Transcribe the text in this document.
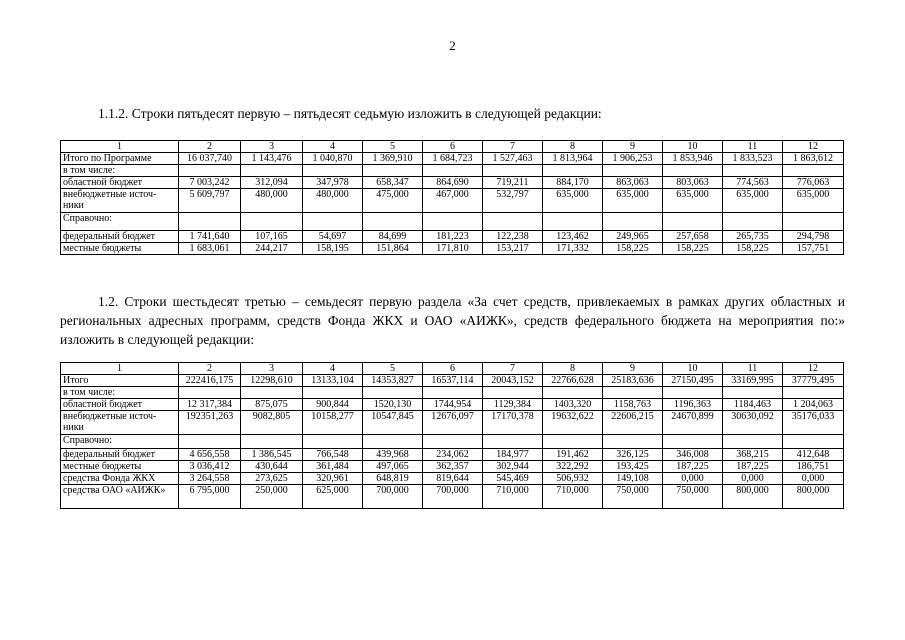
2
1.1.2. Строки пятьдесят первую – пятьдесят седьмую изложить в следующей редакции:
1	2	3	4	5	6	7	8	9	10	11	12
Итого по Программе	16 037,740	1 143,476	1 040,870	1 369,910	1 684,723	1 527,463	1 813,964	1 906,253	1 853,946	1 833,523	1 863,612
в том числе:											
областной бюджет	7 003,242	312,094	347,978	658,347	864,690	719,211	884,170	863,063	803,063	774,563	776,063
внебюджетные источ-ники	5 609,797	480,000	480,000	475,000	467,000	532,797	635,000	635,000	635,000	635,000	635,000
Справочно:											
федеральный бюджет	1 741,640	107,165	54,697	84,699	181,223	122,238	123,462	249,965	257,658	265,735	294,798
местные бюджеты	1 683,061	244,217	158,195	151,864	171,810	153,217	171,332	158,225	158,225	158,225	157,751
1.2. Строки шестьдесят третью – семьдесят первую раздела «За счет средств, привлекаемых в рамках других областных и региональных адресных программ, средств Фонда ЖКХ и ОАО «АИЖК», средств федерального бюджета на мероприятия по:» изложить в следующей редакции:
1	2	3	4	5	6	7	8	9	10	11	12
Итого	222416,175	12298,610	13133,104	14353,827	16537,114	20043,152	22766,628	25183,636	27150,495	33169,995	37779,495
в том числе:											
областной бюджет	12 317,384	875,075	900,844	1520,130	1744,954	1129,384	1403,320	1158,763	1196,363	1184,463	1 204,063
внебюджетные источ-ники	192351,263	9082,805	10158,277	10547,845	12676,097	17170,378	19632,622	22606,215	24670,899	30630,092	35176,033
Справочно:											
федеральный бюджет	4 656,558	1 386,545	766,548	439,968	234,062	184,977	191,462	326,125	346,008	368,215	412,648
местные бюджеты	3 036,412	430,644	361,484	497,065	362,357	302,944	322,292	193,425	187,225	187,225	186,751
средства Фонда ЖКХ	3 264,558	273,625	320,961	648,819	819,644	545,469	506,932	149,108	0,000	0,000	0,000
средства ОАО «АИЖК»	6 795,000	250,000	625,000	700,000	700,000	710,000	710,000	750,000	750,000	800,000	800,000
